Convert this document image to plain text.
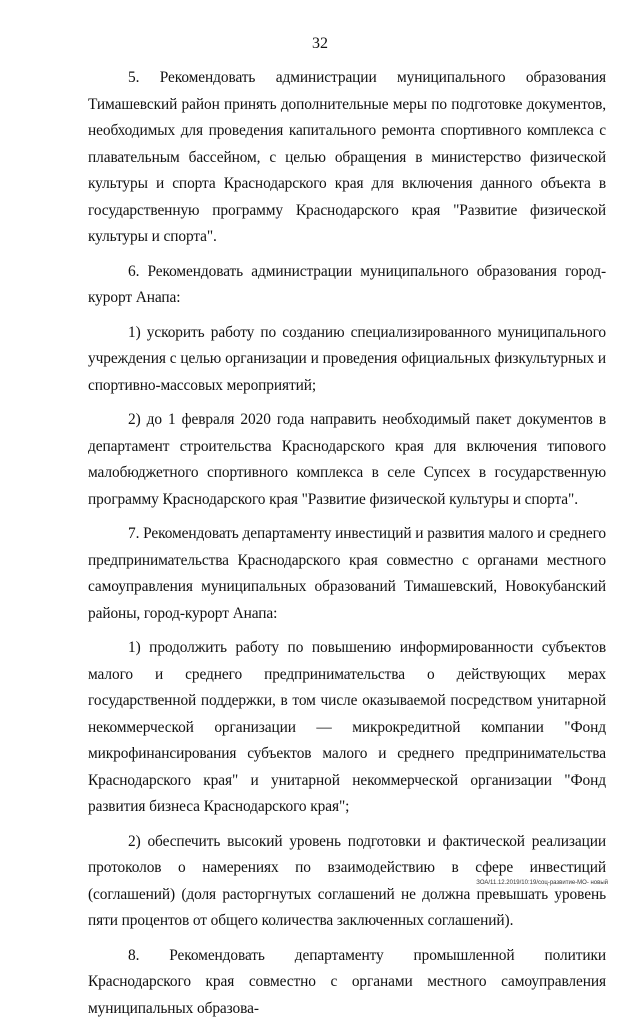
32

5. Рекомендовать администрации муниципального образования Тимашевский район принять дополнительные меры по подготовке документов, необходимых для проведения капитального ремонта спортивного комплекса с плавательным бассейном, с целью обращения в министерство физической культуры и спорта Краснодарского края для включения данного объекта в государственную программу Краснодарского края "Развитие физической культуры и спорта".

6. Рекомендовать администрации муниципального образования город-курорт Анапа:

1) ускорить работу по созданию специализированного муниципального учреждения с целью организации и проведения официальных физкультурных и спортивно-массовых мероприятий;

2) до 1 февраля 2020 года направить необходимый пакет документов в департамент строительства Краснодарского края для включения типового малобюджетного спортивного комплекса в селе Супсех в государственную программу Краснодарского края "Развитие физической культуры и спорта".

7. Рекомендовать департаменту инвестиций и развития малого и среднего предпринимательства Краснодарского края совместно с органами местного самоуправления муниципальных образований Тимашевский, Новокубанский районы, город-курорт Анапа:

1) продолжить работу по повышению информированности субъектов малого и среднего предпринимательства о действующих мерах государственной поддержки, в том числе оказываемой посредством унитарной некоммерческой организации — микрокредитной компании "Фонд микрофинансирования субъектов малого и среднего предпринимательства Краснодарского края" и унитарной некоммерческой организации "Фонд развития бизнеса Краснодарского края";

2) обеспечить высокий уровень подготовки и фактической реализации протоколов о намерениях по взаимодействию в сфере инвестиций (соглашений) (доля расторгнутых соглашений не должна превышать уровень пяти процентов от общего количества заключенных соглашений).

8. Рекомендовать департаменту промышленной политики Краснодарского края совместно с органами местного самоуправления муниципальных образова-

ЗОА/11.12.2019/10:19/соц-развитие-МО- новый
